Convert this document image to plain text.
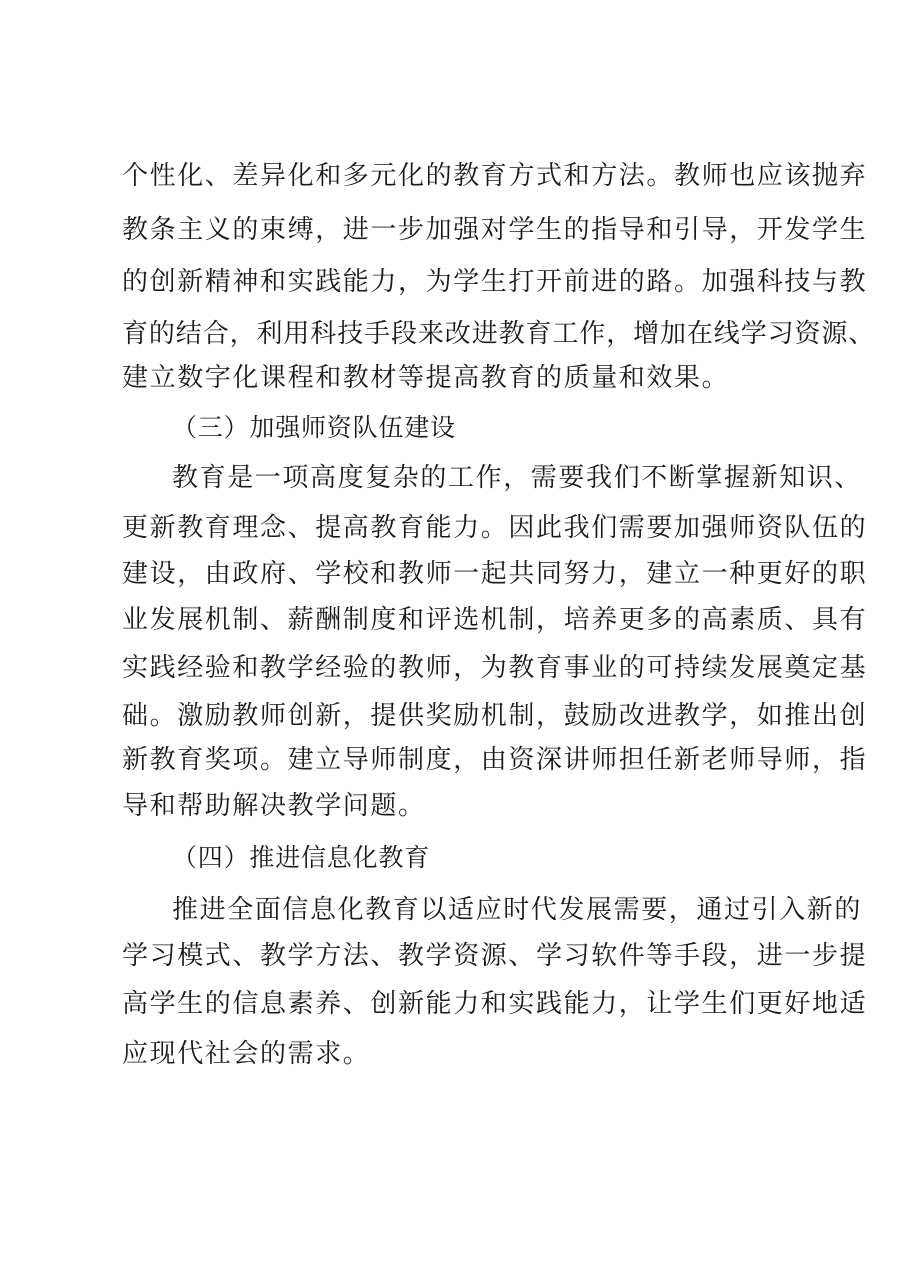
个性化、差异化和多元化的教育方式和方法。教师也应该抛弃
教条主义的束缚，进一步加强对学生的指导和引导，开发学生
的创新精神和实践能力，为学生打开前进的路。加强科技与教
育的结合，利用科技手段来改进教育工作，增加在线学习资源、
建立数字化课程和教材等提高教育的质量和效果。
（三）加强师资队伍建设
教育是一项高度复杂的工作，需要我们不断掌握新知识、
更新教育理念、提高教育能力。因此我们需要加强师资队伍的
建设，由政府、学校和教师一起共同努力，建立一种更好的职
业发展机制、薪酬制度和评选机制，培养更多的高素质、具有
实践经验和教学经验的教师，为教育事业的可持续发展奠定基
础。激励教师创新，提供奖励机制，鼓励改进教学，如推出创
新教育奖项。建立导师制度，由资深讲师担任新老师导师，指
导和帮助解决教学问题。
（四）推进信息化教育
推进全面信息化教育以适应时代发展需要，通过引入新的
学习模式、教学方法、教学资源、学习软件等手段，进一步提
高学生的信息素养、创新能力和实践能力，让学生们更好地适
应现代社会的需求。
